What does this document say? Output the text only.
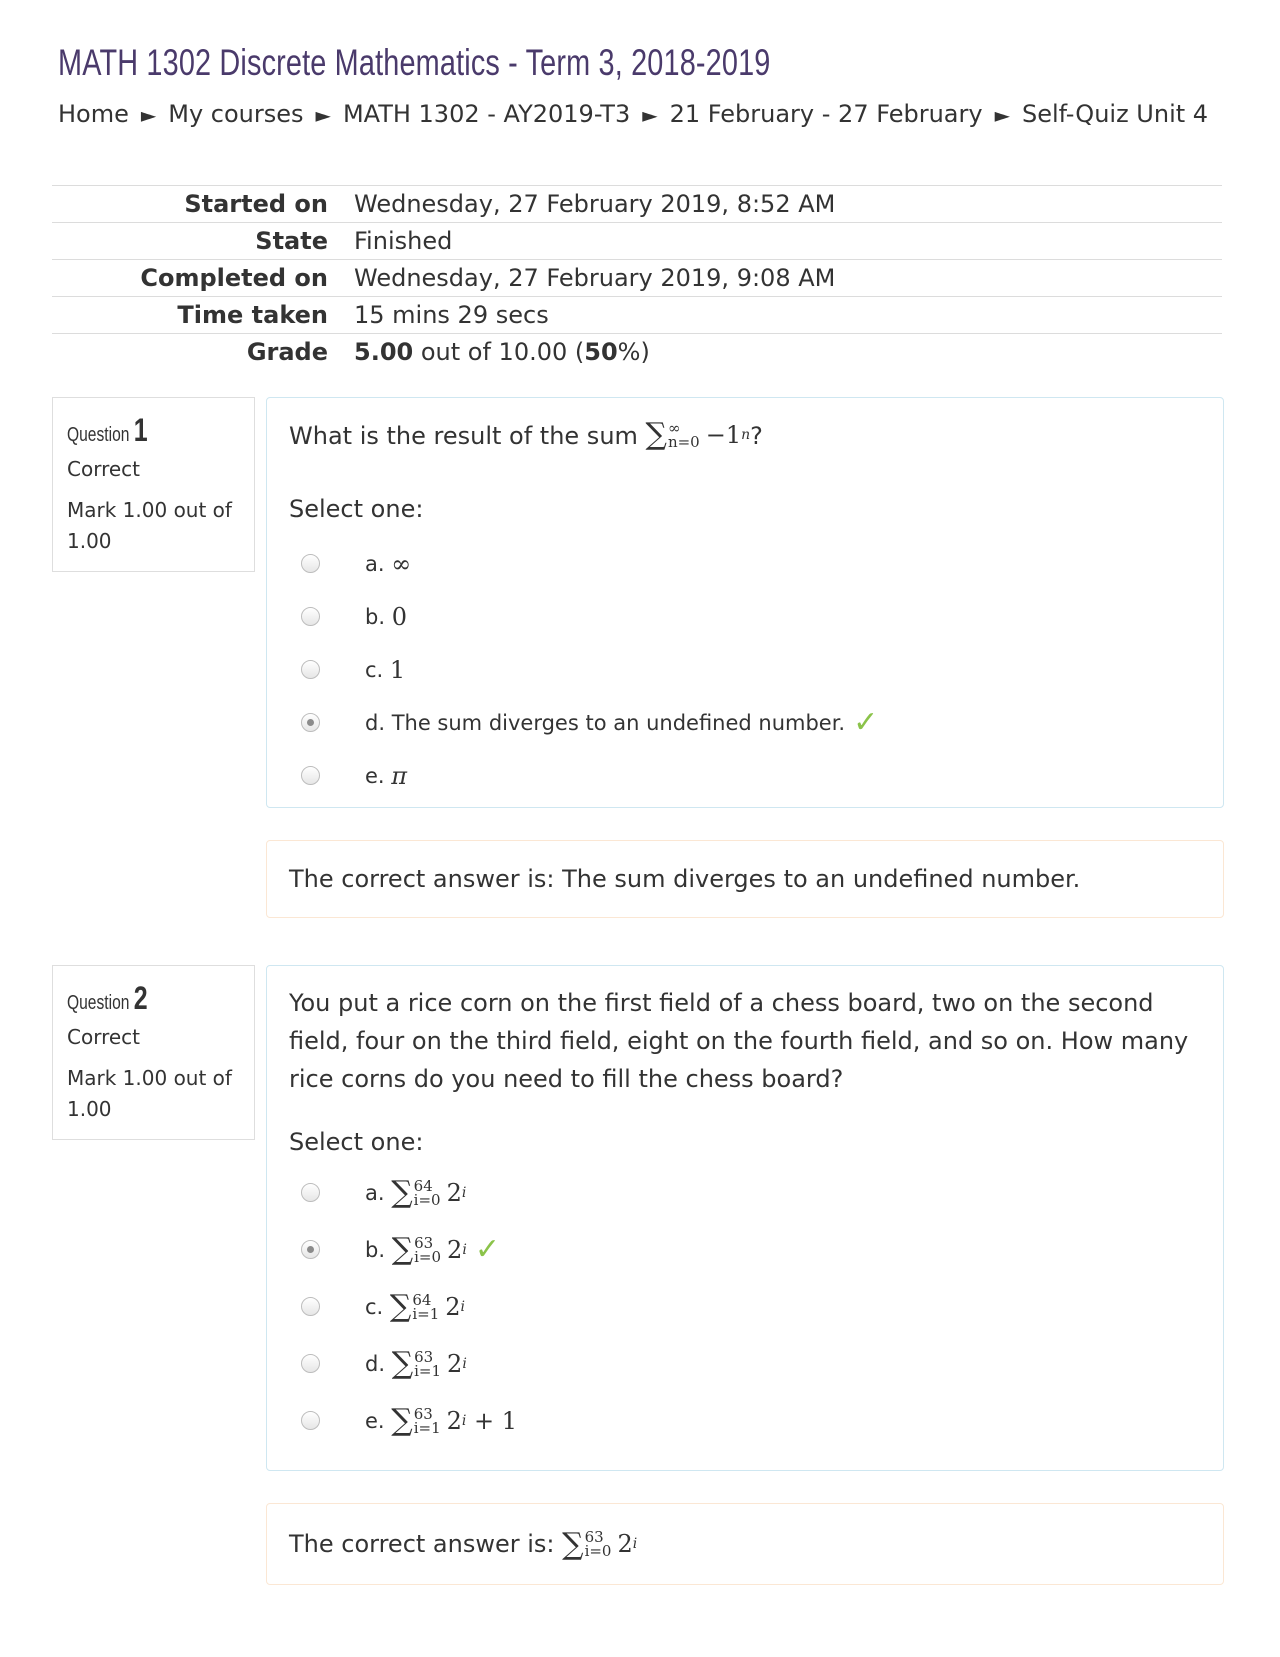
MATH 1302 Discrete Mathematics - Term 3, 2018-2019
Home ► My courses ► MATH 1302 - AY2019-T3 ► 21 February - 27 February ► Self-Quiz Unit 4
Started on	Wednesday, 27 February 2019, 8:52 AM
State	Finished
Completed on	Wednesday, 27 February 2019, 9:08 AM
Time taken	15 mins 29 secs
Grade	5.00 out of 10.00 (50%)
Question 1
Correct
Mark 1.00 out of 1.00
What is the result of the sum ∑ ∞
n=0 −1 n ?
Select one:
a.
∞
b.
0
c.
1
d.
The sum diverges to an undefined number. ✓
e.
π
The correct answer is: The sum diverges to an undefined number.
Question 2
Correct
Mark 1.00 out of 1.00
You put a rice corn on the first field of a chess board, two on the second field, four on the third field, eight on the fourth field, and so on. How many rice corns do you need to fill the chess board?
Select one:
a.
∑ 64
i=0 2 i
b.
∑ 63
i=0 2 i ✓
c.
∑ 64
i=1 2 i
d.
∑ 63
i=1 2 i
e.
∑ 63
i=1 2 i + 1
The correct answer is:
∑ 63
i=0 2 i
